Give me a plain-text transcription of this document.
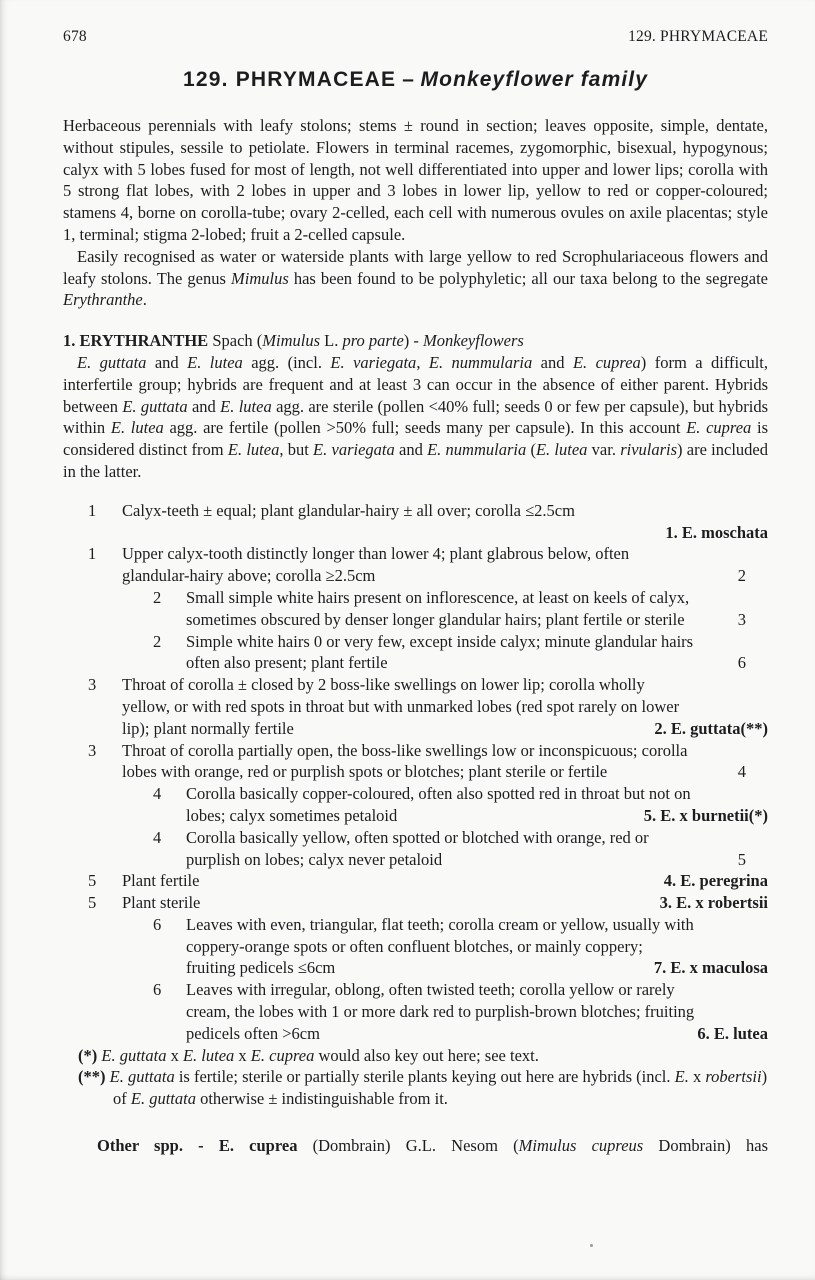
678	129. PHRYMACEAE
129. PHRYMACEAE – Monkeyflower family

Herbaceous perennials with leafy stolons; stems ± round in section; leaves opposite, simple, dentate, without stipules, sessile to petiolate. Flowers in terminal racemes, zygomorphic, bisexual, hypogynous; calyx with 5 lobes fused for most of length, not well differentiated into upper and lower lips; corolla with 5 strong flat lobes, with 2 lobes in upper and 3 lobes in lower lip, yellow to red or copper-coloured; stamens 4, borne on corolla-tube; ovary 2-celled, each cell with numerous ovules on axile placentas; style 1, terminal; stigma 2-lobed; fruit a 2-celled capsule.

Easily recognised as water or waterside plants with large yellow to red Scrophulariaceous flowers and leafy stolons. The genus Mimulus has been found to be polyphyletic; all our taxa belong to the segregate Erythranthe.

1. ERYTHRANTHE Spach (Mimulus L. pro parte) - Monkeyflowers

E. guttata and E. lutea agg. (incl. E. variegata, E. nummularia and E. cuprea) form a difficult, interfertile group; hybrids are frequent and at least 3 can occur in the absence of either parent. Hybrids between E. guttata and E. lutea agg. are sterile (pollen <40% full; seeds 0 or few per capsule), but hybrids within E. lutea agg. are fertile (pollen >50% full; seeds many per capsule). In this account E. cuprea is considered distinct from E. lutea, but E. variegata and E. nummularia (E. lutea var. rivularis) are included in the latter.

1 Calyx-teeth ± equal; plant glandular-hairy ± all over; corolla ≤2.5cm
1. E. moschata
1 Upper calyx-tooth distinctly longer than lower 4; plant glabrous below, often glandular-hairy above; corolla ≥2.5cm	2
2 Small simple white hairs present on inflorescence, at least on keels of calyx, sometimes obscured by denser longer glandular hairs; plant fertile or sterile	3
2 Simple white hairs 0 or very few, except inside calyx; minute glandular hairs often also present; plant fertile	6
3 Throat of corolla ± closed by 2 boss-like swellings on lower lip; corolla wholly yellow, or with red spots in throat but with unmarked lobes (red spot rarely on lower lip); plant normally fertile	2. E. guttata(**)
3 Throat of corolla partially open, the boss-like swellings low or inconspicuous; corolla lobes with orange, red or purplish spots or blotches; plant sterile or fertile	4
4 Corolla basically copper-coloured, often also spotted red in throat but not on lobes; calyx sometimes petaloid	5. E. x burnetii(*)
4 Corolla basically yellow, often spotted or blotched with orange, red or purplish on lobes; calyx never petaloid	5
5 Plant fertile	4. E. peregrina
5 Plant sterile	3. E. x robertsii
6 Leaves with even, triangular, flat teeth; corolla cream or yellow, usually with coppery-orange spots or often confluent blotches, or mainly coppery; fruiting pedicels ≤6cm	7. E. x maculosa
6 Leaves with irregular, oblong, often twisted teeth; corolla yellow or rarely cream, the lobes with 1 or more dark red to purplish-brown blotches; fruiting pedicels often >6cm	6. E. lutea

(*) E. guttata x E. lutea x E. cuprea would also key out here; see text.

(**) E. guttata is fertile; sterile or partially sterile plants keying out here are hybrids (incl. E. x robertsii) of E. guttata otherwise ± indistinguishable from it.

Other spp. - E. cuprea (Dombrain) G.L. Nesom (Mimulus cupreus Dombrain) has
